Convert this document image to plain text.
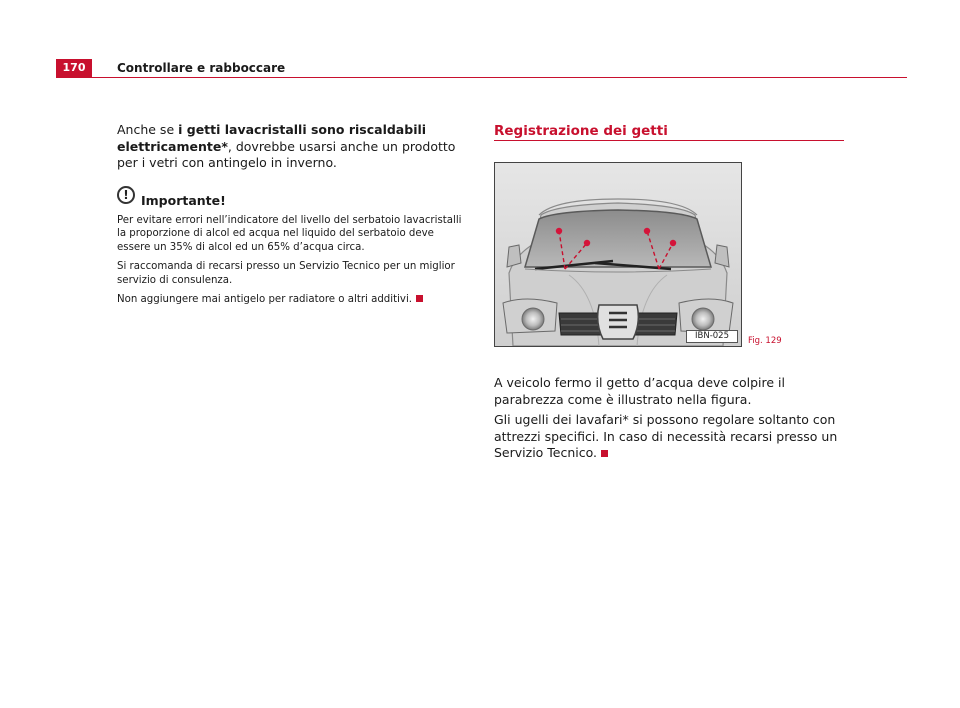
170	Controllare e rabboccare

Anche se i getti lavacristalli sono riscaldabili elettricamente*, dovrebbe usarsi anche un prodotto per i vetri con antingelo in inverno.

! Importante!

Per evitare errori nell’indicatore del livello del serbatoio lavacristalli la proporzione di alcol ed acqua nel liquido del serbatoio deve essere un 35% di alcol ed un 65% d’acqua circa.

Si raccomanda di recarsi presso un Servizio Tecnico per un miglior servizio di consulenza.

Non aggiungere mai antigelo per radiatore o altri additivi.

Registrazione dei getti

IBN-025	Fig. 129

A veicolo fermo il getto d’acqua deve colpire il parabrezza come è illustrato nella figura.

Gli ugelli dei lavafari* si possono regolare soltanto con attrezzi specifici. In caso di necessità recarsi presso un Servizio Tecnico.
